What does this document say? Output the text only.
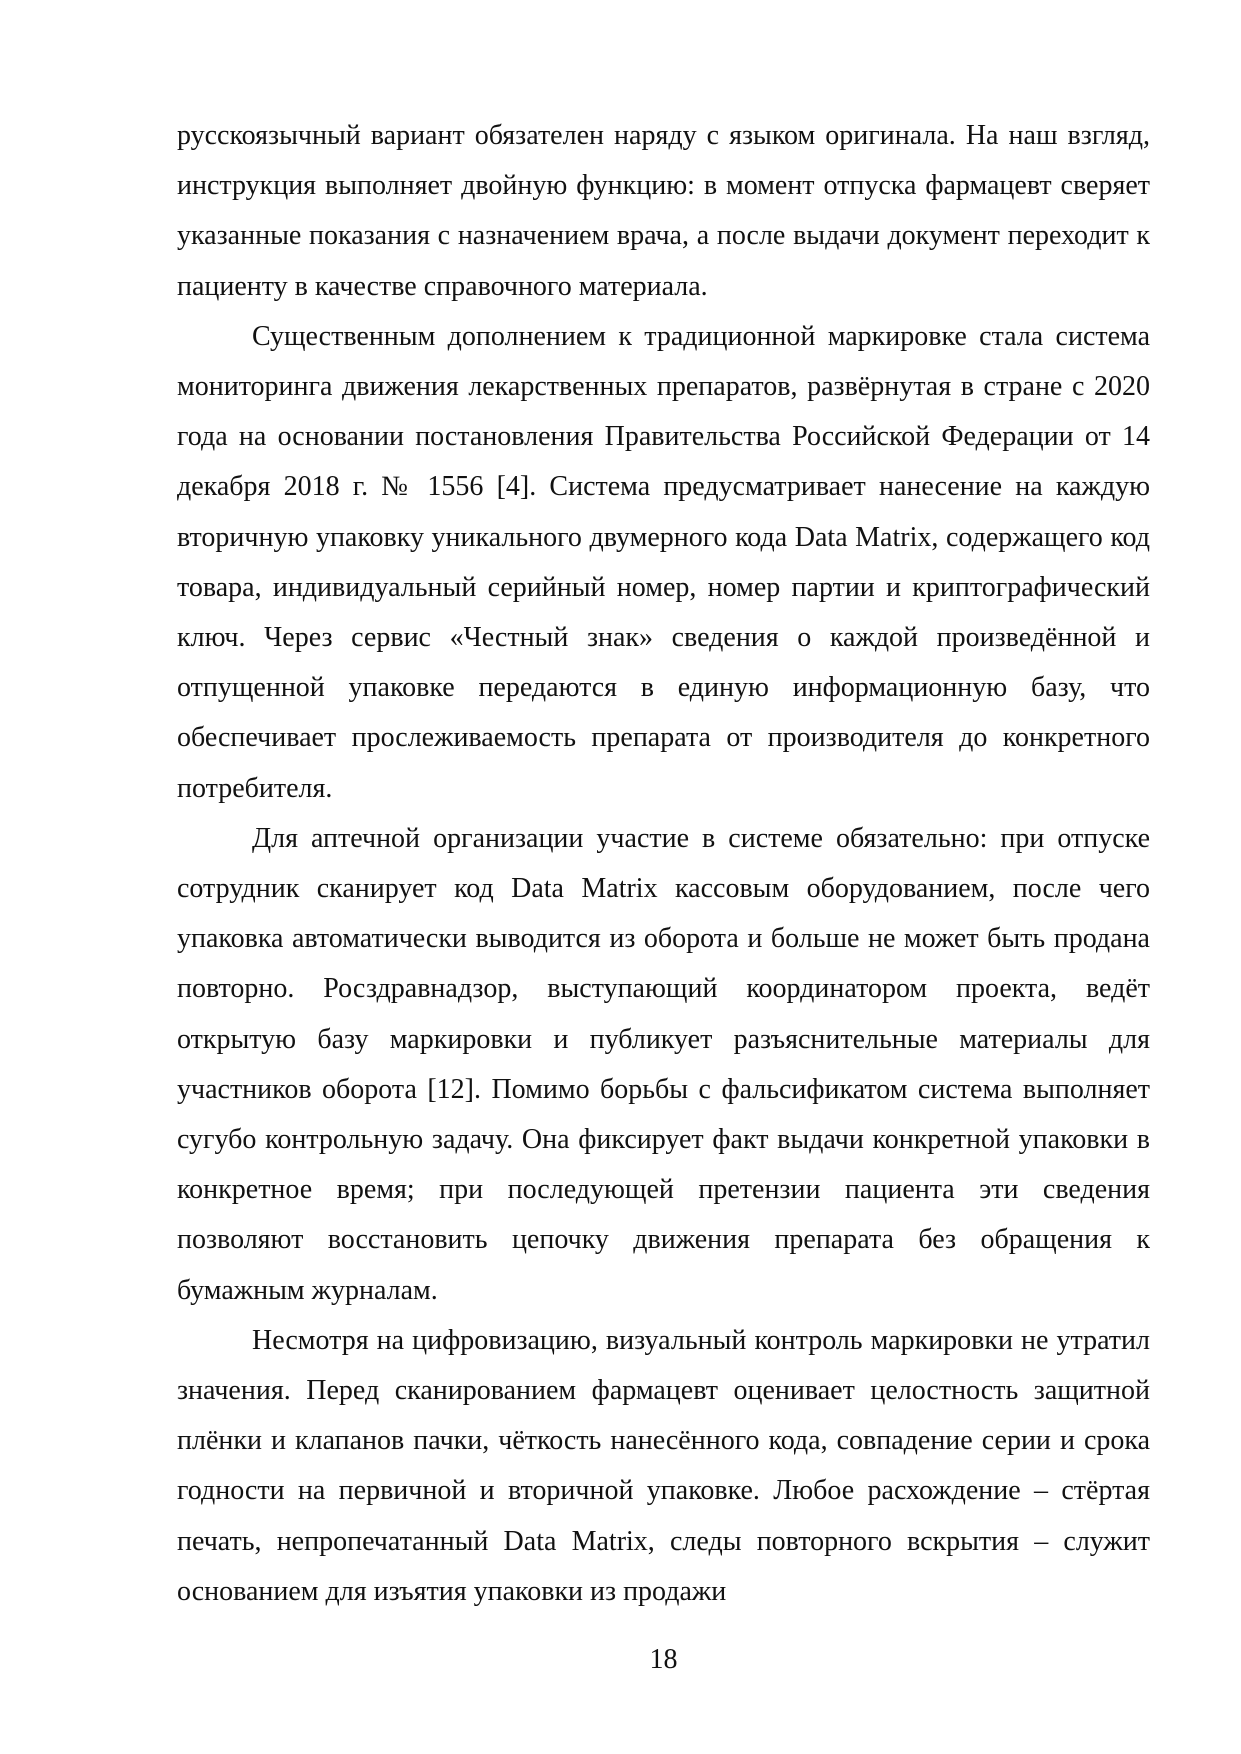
русскоязычный вариант обязателен наряду с языком оригинала. На наш взгляд, инструкция выполняет двойную функцию: в момент отпуска фармацевт сверяет указанные показания с назначением врача, а после выдачи документ переходит к пациенту в качестве справочного материала.

Существенным дополнением к традиционной маркировке стала система мониторинга движения лекарственных препаратов, развёрнутая в стране с 2020 года на основании постановления Правительства Российской Федерации от 14 декабря 2018 г. № 1556 [4]. Система предусматривает нанесение на каждую вторичную упаковку уникального двумерного кода Data Matrix, содержащего код товара, индивидуальный серийный номер, номер партии и криптографический ключ. Через сервис «Честный знак» сведения о каждой произведённой и отпущенной упаковке передаются в единую информационную базу, что обеспечивает прослеживаемость препарата от производителя до конкретного потребителя.

Для аптечной организации участие в системе обязательно: при отпуске сотрудник сканирует код Data Matrix кассовым оборудованием, после чего упаковка автоматически выводится из оборота и больше не может быть продана повторно. Росздравнадзор, выступающий координатором проекта, ведёт открытую базу маркировки и публикует разъяснительные материалы для участников оборота [12]. Помимо борьбы с фальсификатом система выполняет сугубо контрольную задачу. Она фиксирует факт выдачи конкретной упаковки в конкретное время; при последующей претензии пациента эти сведения позволяют восстановить цепочку движения препарата без обращения к бумажным журналам.

Несмотря на цифровизацию, визуальный контроль маркировки не утратил значения. Перед сканированием фармацевт оценивает целостность защитной плёнки и клапанов пачки, чёткость нанесённого кода, совпадение серии и срока годности на первичной и вторичной упаковке. Любое расхождение – стёртая печать, непропечатанный Data Matrix, следы повторного вскрытия – служит основанием для изъятия упаковки из продажи

18
